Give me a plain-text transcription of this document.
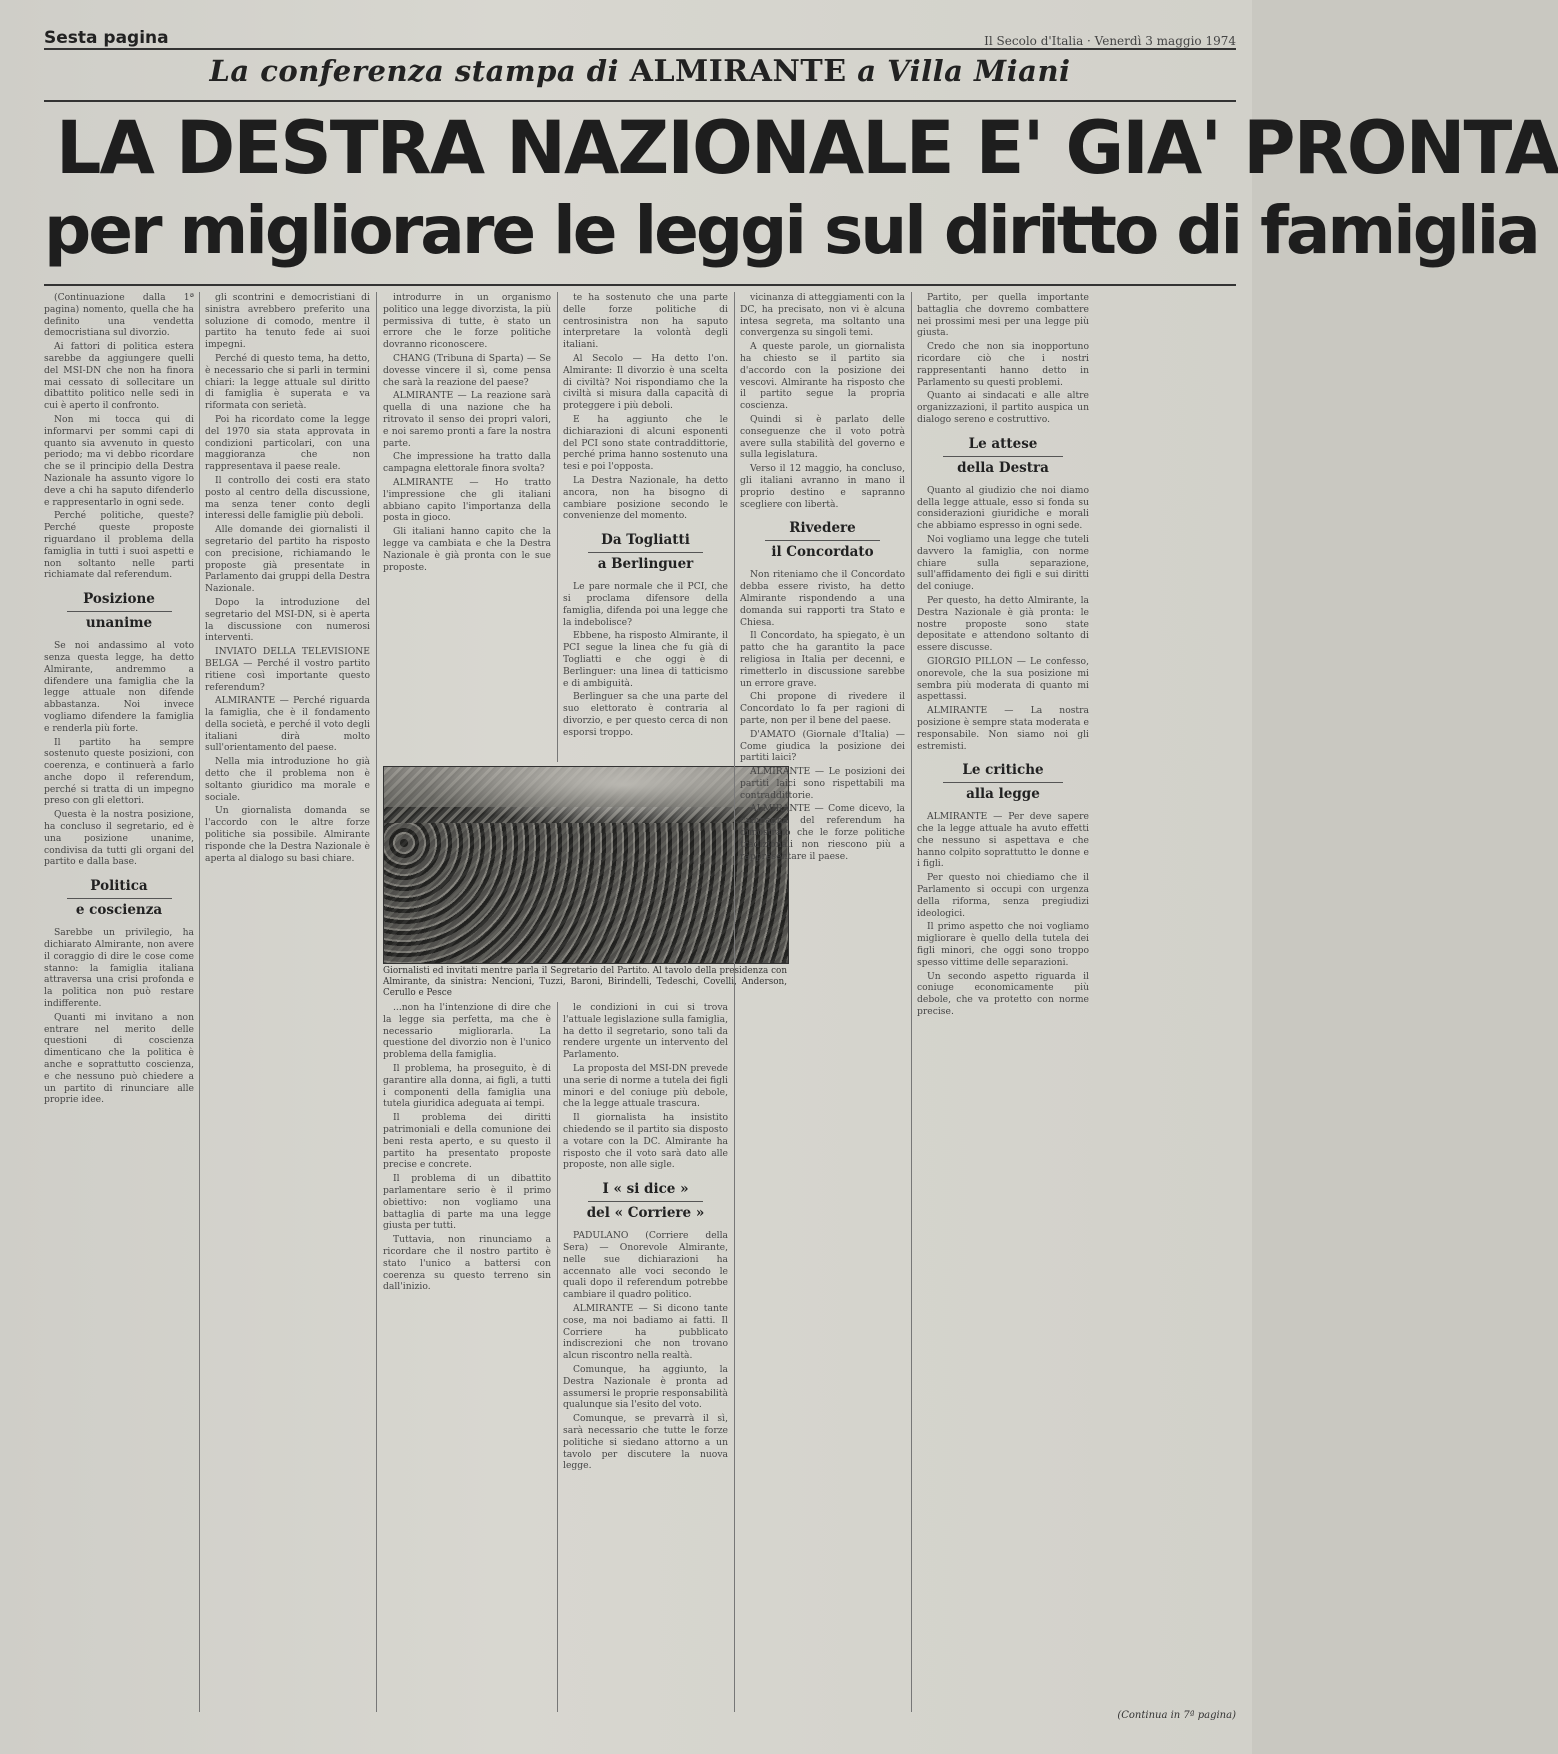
Sesta pagina	Il Secolo d'Italia · Venerdì 3 maggio 1974
La conferenza stampa di ALMIRANTE a Villa Miani
LA DESTRA NAZIONALE E' GIA' PRONTA
per migliorare le leggi sul diritto di famiglia

(Continuazione dalla 1ª pagina) nomento, quella che ha definito una vendetta democristiana sul divorzio.

Ai fattori di politica estera sarebbe da aggiungere quelli del MSI-DN che non ha finora mai cessato di sollecitare un dibattito politico nelle sedi in cui è aperto il confronto.

Non mi tocca qui di informarvi per sommi capi di quanto sia avvenuto in questo periodo; ma vi debbo ricordare che se il principio della Destra Nazionale ha assunto vigore lo deve a chi ha saputo difenderlo e rappresentarlo in ogni sede.

Perché politiche, queste? Perché queste proposte riguardano il problema della famiglia in tutti i suoi aspetti e non soltanto nelle parti richiamate dal referendum.

Posizione
unanime

Se noi andassimo al voto senza questa legge, ha detto Almirante, andremmo a difendere una famiglia che la legge attuale non difende abbastanza. Noi invece vogliamo difendere la famiglia e renderla più forte.

Il partito ha sempre sostenuto queste posizioni, con coerenza, e continuerà a farlo anche dopo il referendum, perché si tratta di un impegno preso con gli elettori.

Questa è la nostra posizione, ha concluso il segretario, ed è una posizione unanime, condivisa da tutti gli organi del partito e dalla base.

Politica
e coscienza

Sarebbe un privilegio, ha dichiarato Almirante, non avere il coraggio di dire le cose come stanno: la famiglia italiana attraversa una crisi profonda e la politica non può restare indifferente.

Quanti mi invitano a non entrare nel merito delle questioni di coscienza dimenticano che la politica è anche e soprattutto coscienza, e che nessuno può chiedere a un partito di rinunciare alle proprie idee.

gli scontrini e democristiani di sinistra avrebbero preferito una soluzione di comodo, mentre il partito ha tenuto fede ai suoi impegni.

Perché di questo tema, ha detto, è necessario che si parli in termini chiari: la legge attuale sul diritto di famiglia è superata e va riformata con serietà.

Poi ha ricordato come la legge del 1970 sia stata approvata in condizioni particolari, con una maggioranza che non rappresentava il paese reale.

Il controllo dei costi era stato posto al centro della discussione, ma senza tener conto degli interessi delle famiglie più deboli.

Alle domande dei giornalisti il segretario del partito ha risposto con precisione, richiamando le proposte già presentate in Parlamento dai gruppi della Destra Nazionale.

Dopo la introduzione del segretario del MSI-DN, si è aperta la discussione con numerosi interventi.

INVIATO DELLA TELEVISIONE BELGA — Perché il vostro partito ritiene così importante questo referendum?

ALMIRANTE — Perché riguarda la famiglia, che è il fondamento della società, e perché il voto degli italiani dirà molto sull'orientamento del paese.

Nella mia introduzione ho già detto che il problema non è soltanto giuridico ma morale e sociale.

Un giornalista domanda se l'accordo con le altre forze politiche sia possibile. Almirante risponde che la Destra Nazionale è aperta al dialogo su basi chiare.

introdurre in un organismo politico una legge divorzista, la più permissiva di tutte, è stato un errore che le forze politiche dovranno riconoscere.

CHANG (Tribuna di Sparta) — Se dovesse vincere il sì, come pensa che sarà la reazione del paese?

ALMIRANTE — La reazione sarà quella di una nazione che ha ritrovato il senso dei propri valori, e noi saremo pronti a fare la nostra parte.

Che impressione ha tratto dalla campagna elettorale finora svolta?

ALMIRANTE — Ho tratto l'impressione che gli italiani abbiano capito l'importanza della posta in gioco.

Gli italiani hanno capito che la legge va cambiata e che la Destra Nazionale è già pronta con le sue proposte.

te ha sostenuto che una parte delle forze politiche di centrosinistra non ha saputo interpretare la volontà degli italiani.

Al Secolo — Ha detto l'on. Almirante: Il divorzio è una scelta di civiltà? Noi rispondiamo che la civiltà si misura dalla capacità di proteggere i più deboli.

E ha aggiunto che le dichiarazioni di alcuni esponenti del PCI sono state contraddittorie, perché prima hanno sostenuto una tesi e poi l'opposta.

La Destra Nazionale, ha detto ancora, non ha bisogno di cambiare posizione secondo le convenienze del momento.

Da Togliatti
a Berlinguer

Le pare normale che il PCI, che si proclama difensore della famiglia, difenda poi una legge che la indebolisce?

Ebbene, ha risposto Almirante, il PCI segue la linea che fu già di Togliatti e che oggi è di Berlinguer: una linea di tatticismo e di ambiguità.

Berlinguer sa che una parte del suo elettorato è contraria al divorzio, e per questo cerca di non esporsi troppo.

Giornalisti ed invitati mentre parla il Segretario del Partito. Al tavolo della presidenza con Almirante, da sinistra: Nencioni, Tuzzi, Baroni, Birindelli, Tedeschi, Covelli, Anderson, Cerullo e Pesce

...non ha l'intenzione di dire che la legge sia perfetta, ma che è necessario migliorarla. La questione del divorzio non è l'unico problema della famiglia.

Il problema, ha proseguito, è di garantire alla donna, ai figli, a tutti i componenti della famiglia una tutela giuridica adeguata ai tempi.

Il problema dei diritti patrimoniali e della comunione dei beni resta aperto, e su questo il partito ha presentato proposte precise e concrete.

Il problema di un dibattito parlamentare serio è il primo obiettivo: non vogliamo una battaglia di parte ma una legge giusta per tutti.

Tuttavia, non rinunciamo a ricordare che il nostro partito è stato l'unico a battersi con coerenza su questo terreno sin dall'inizio.

le condizioni in cui si trova l'attuale legislazione sulla famiglia, ha detto il segretario, sono tali da rendere urgente un intervento del Parlamento.

La proposta del MSI-DN prevede una serie di norme a tutela dei figli minori e del coniuge più debole, che la legge attuale trascura.

Il giornalista ha insistito chiedendo se il partito sia disposto a votare con la DC. Almirante ha risposto che il voto sarà dato alle proposte, non alle sigle.

I « si dice »
del « Corriere »

PADULANO (Corriere della Sera) — Onorevole Almirante, nelle sue dichiarazioni ha accennato alle voci secondo le quali dopo il referendum potrebbe cambiare il quadro politico.

ALMIRANTE — Si dicono tante cose, ma noi badiamo ai fatti. Il Corriere ha pubblicato indiscrezioni che non trovano alcun riscontro nella realtà.

Comunque, ha aggiunto, la Destra Nazionale è pronta ad assumersi le proprie responsabilità qualunque sia l'esito del voto.

Comunque, se prevarrà il sì, sarà necessario che tutte le forze politiche si siedano attorno a un tavolo per discutere la nuova legge.

vicinanza di atteggiamenti con la DC, ha precisato, non vi è alcuna intesa segreta, ma soltanto una convergenza su singoli temi.

A queste parole, un giornalista ha chiesto se il partito sia d'accordo con la posizione dei vescovi. Almirante ha risposto che il partito segue la propria coscienza.

Quindi si è parlato delle conseguenze che il voto potrà avere sulla stabilità del governo e sulla legislatura.

Verso il 12 maggio, ha concluso, gli italiani avranno in mano il proprio destino e sapranno scegliere con libertà.

Rivedere
il Concordato

Non riteniamo che il Concordato debba essere rivisto, ha detto Almirante rispondendo a una domanda sui rapporti tra Stato e Chiesa.

Il Concordato, ha spiegato, è un patto che ha garantito la pace religiosa in Italia per decenni, e rimetterlo in discussione sarebbe un errore grave.

Chi propone di rivedere il Concordato lo fa per ragioni di parte, non per il bene del paese.

D'AMATO (Giornale d'Italia) — Come giudica la posizione dei partiti laici?

ALMIRANTE — Le posizioni dei partiti laici sono rispettabili ma contraddittorie.

ALMIRANTE — Come dicevo, la campagna del referendum ha dimostrato che le forze politiche tradizionali non riescono più a rappresentare il paese.

Partito, per quella importante battaglia che dovremo combattere nei prossimi mesi per una legge più giusta.

Credo che non sia inopportuno ricordare ciò che i nostri rappresentanti hanno detto in Parlamento su questi problemi.

Quanto ai sindacati e alle altre organizzazioni, il partito auspica un dialogo sereno e costruttivo.

Le attese
della Destra

Quanto al giudizio che noi diamo della legge attuale, esso si fonda su considerazioni giuridiche e morali che abbiamo espresso in ogni sede.

Noi vogliamo una legge che tuteli davvero la famiglia, con norme chiare sulla separazione, sull'affidamento dei figli e sui diritti del coniuge.

Per questo, ha detto Almirante, la Destra Nazionale è già pronta: le nostre proposte sono state depositate e attendono soltanto di essere discusse.

GIORGIO PILLON — Le confesso, onorevole, che la sua posizione mi sembra più moderata di quanto mi aspettassi.

ALMIRANTE — La nostra posizione è sempre stata moderata e responsabile. Non siamo noi gli estremisti.

Le critiche
alla legge

ALMIRANTE — Per deve sapere che la legge attuale ha avuto effetti che nessuno si aspettava e che hanno colpito soprattutto le donne e i figli.

Per questo noi chiediamo che il Parlamento si occupi con urgenza della riforma, senza pregiudizi ideologici.

Il primo aspetto che noi vogliamo migliorare è quello della tutela dei figli minori, che oggi sono troppo spesso vittime delle separazioni.

Un secondo aspetto riguarda il coniuge economicamente più debole, che va protetto con norme precise.

(Continua in 7ª pagina)
